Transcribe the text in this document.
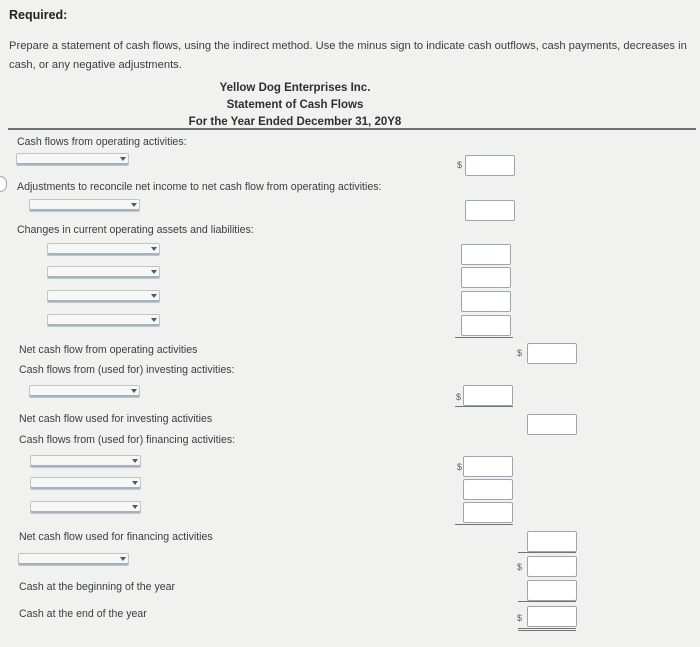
Required:
Prepare a statement of cash flows, using the indirect method. Use the minus sign to indicate cash outflows, cash payments, decreases in cash, or any negative adjustments.
Yellow Dog Enterprises Inc.
Statement of Cash Flows
For the Year Ended December 31, 20Y8
Cash flows from operating activities:
$
Adjustments to reconcile net income to net cash flow from operating activities:
Changes in current operating assets and liabilities:
Net cash flow from operating activities	$
Cash flows from (used for) investing activities:
$
Net cash flow used for investing activities
Cash flows from (used for) financing activities:
$
Net cash flow used for financing activities
$
Cash at the beginning of the year
Cash at the end of the year	$
